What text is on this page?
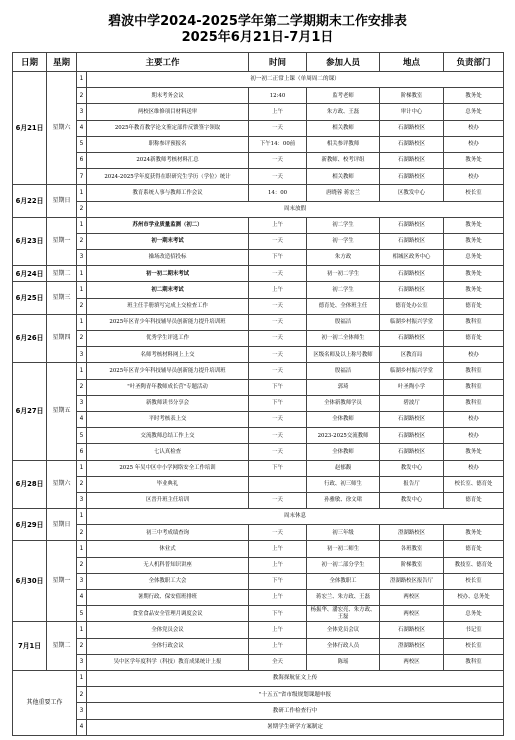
碧波中学2024-2025学年第二学期期末工作安排表
2025年6月21日-7月1日
日期	星期	主要工作		时间	参加人员	地点	负责部门
6月21日	星期六	1	初一初二正常上课（单周周二的课）				
		2	期末考务会议	12:40	监考老师	阶梯教室	教务处
		3	两校区维修项目材料送审	上午	朱方政、王磊	审计中心	总务处
		4	2025年教育教学论文鉴定部件反馈签字领取	一天	相关教师	石湖路校区	校办
		5	职称参评预报名	下午14：00前	相关参评教师	石湖路校区	校办
		6	2024新教师考核材料汇总	一天	新教师、校考评组	石湖路校区	教务处
		7	2024-2025学年度获得在职研究生学历（学位）统计	一天	相关教师	石湖路校区	校办
6月22日	星期日	1	教育系统人事与教师工作会议	14：00	唐晓蓉 蒋宏兰	区教发中心	校长室
		2	周末放假				
6月23日	星期一	1	苏州市学业质量监测（初二）	上午	初二学生	石湖路校区	教务处
		2	初一期末考试	一天	初一学生	石湖路校区	教务处
		3	操场改造招投标	下午	朱方政	相城区政务中心	总务处
6月24日	星期二	1	初一初二期末考试	一天	初一初二学生	石湖路校区	教务处
6月25日	星期三	1	初二期末考试	上午	初二学生	石湖路校区	教务处
		2	班主任手册填写完成上交检查工作	一天	德育处、全体班主任	德育处办公室	德育处
6月26日	星期四	1	2025年区青少年科技辅导员创新能力提升培训班	一天	殷福洁	临湖乡村振兴学堂	教科室
		2	优秀学生评选工作	一天	初一初二全体师生	石湖路校区	德育处
		3	名师考核材料网上上交	一天	区级名师及以上称号教师	区教育局	校办
6月27日	星期五	1	2025年区青少年科技辅导员创新能力提升培训班	一天	殷福洁	临湖乡村振兴学堂	教科室
		2	"叶圣陶青年教师成长营"专题活动	下午	郭琦	叶圣陶小学	教科室
		3	新教师读书分享会	下午	全体新教师学员	碧波厅	教科室
		4	平时考核表上交	一天	全体教师	石湖路校区	校办
		5	交流教师总结工作上交	一天	2023-2025交流教师	石湖路校区	校办
		6	七认真检查	一天	全体教师	石湖路校区	教务处
6月28日	星期六	1	2025 年吴中区中小学网络安全工作培训	下午	赵郁馥	教发中心	校办
		2	毕业典礼		行政、初三师生	报告厅	校长室、德育处
		3	区晋升班主任培训	一天	孙雅敏、徐文珺	教发中心	德育处
6月29日	星期日	1	周末休息				
		2	初三中考成绩查询	一天	初三年级	澄湖路校区	教务处
6月30日	星期一	1	休业式	上午	初一初二师生	各班教室	德育处
		2	无人机科普知识讲座	上午	初一初二部分学生	阶梯教室	教技室、德育处
		3	全体教职工大会	下午	全体教职工	澄湖路校区报告厅	校长室
		4	暑期行政、保安值班排班	上午	蒋宏兰、朱方政、王磊	两校区	校办、总务处
		5	食堂食品安全管理月调度会议	下午	杨振华、潘宏亮、朱方政、王磊	两校区	总务处
7月1日	星期二	1	全体党员会议	上午	全体党员会议	石湖路校区	书记室
		2	全体行政会议	上午	全体行政人员	澄湖路校区	校长室
		3	吴中区学年度科学（科技）教育成果统计上报	全天	陈瑶	两校区	教科室
其他重要工作		1	教海探航征文上传				
		2	"十五五"省市级规划课题申报				
		3	教研工作检查行中				
		4	暑期学生研学方案制定				
